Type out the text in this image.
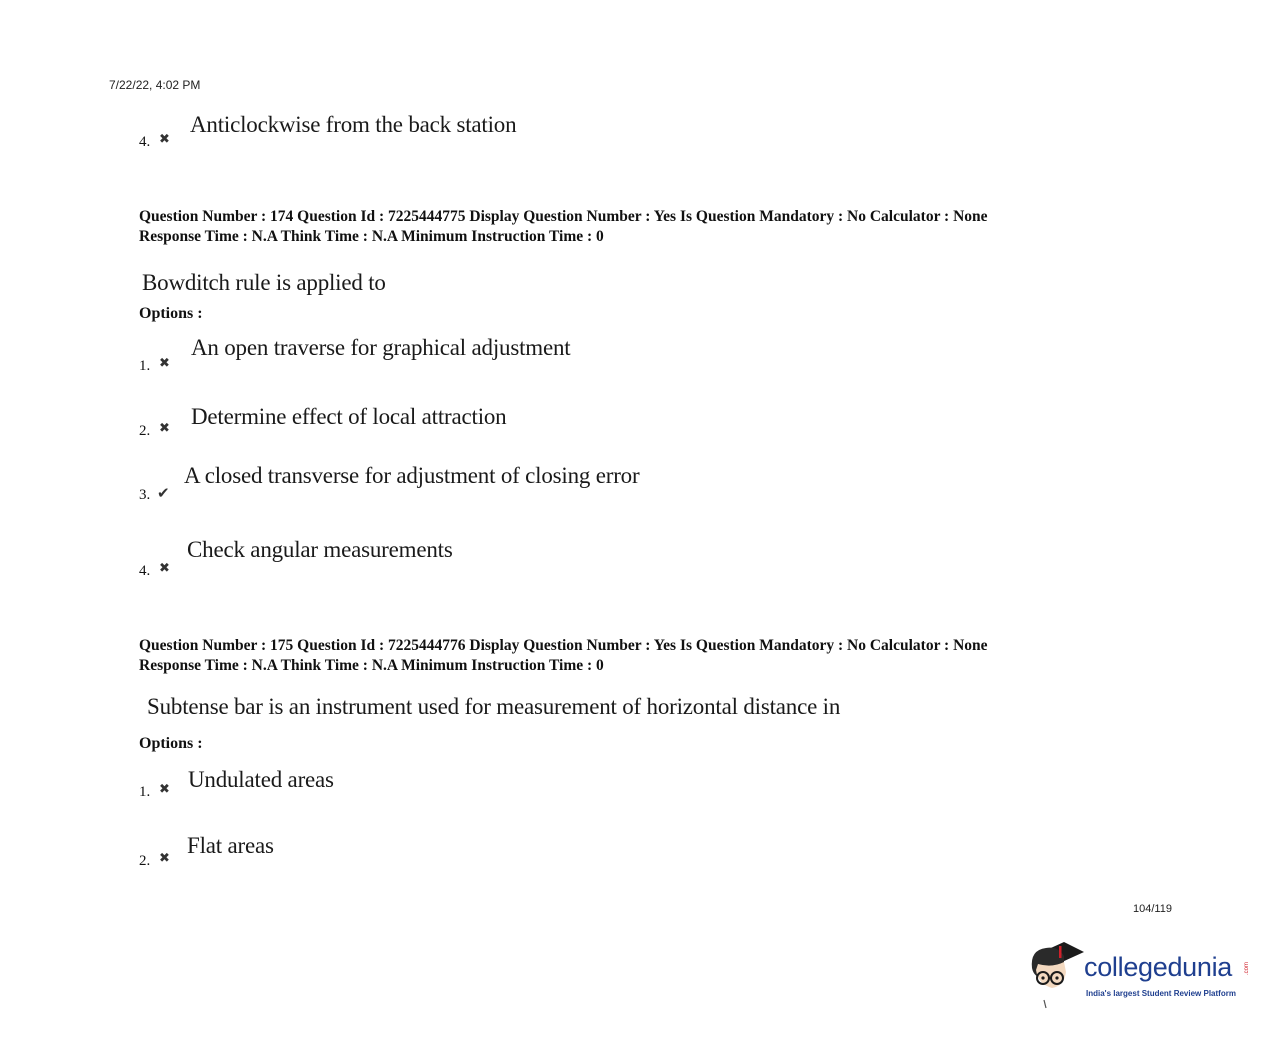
7/22/22, 4:02 PM
4. ✖
Anticlockwise from the back station
Question Number : 174 Question Id : 7225444775 Display Question Number : Yes Is Question Mandatory : No Calculator : None
Response Time : N.A Think Time : N.A Minimum Instruction Time : 0
Bowditch rule is applied to
Options :
1. ✖
An open traverse for graphical adjustment
2. ✖ Determine effect of local attraction
3. ✔
A closed transverse for adjustment of closing error
4. ✖
Check angular measurements
Question Number : 175 Question Id : 7225444776 Display Question Number : Yes Is Question Mandatory : No Calculator : None
Response Time : N.A Think Time : N.A Minimum Instruction Time : 0
Subtense bar is an instrument used for measurement of horizontal distance in
Options :
1. ✖ Undulated areas
2. ✖ Flat areas
104/119
collegedunia .com
India's largest Student Review Platform
